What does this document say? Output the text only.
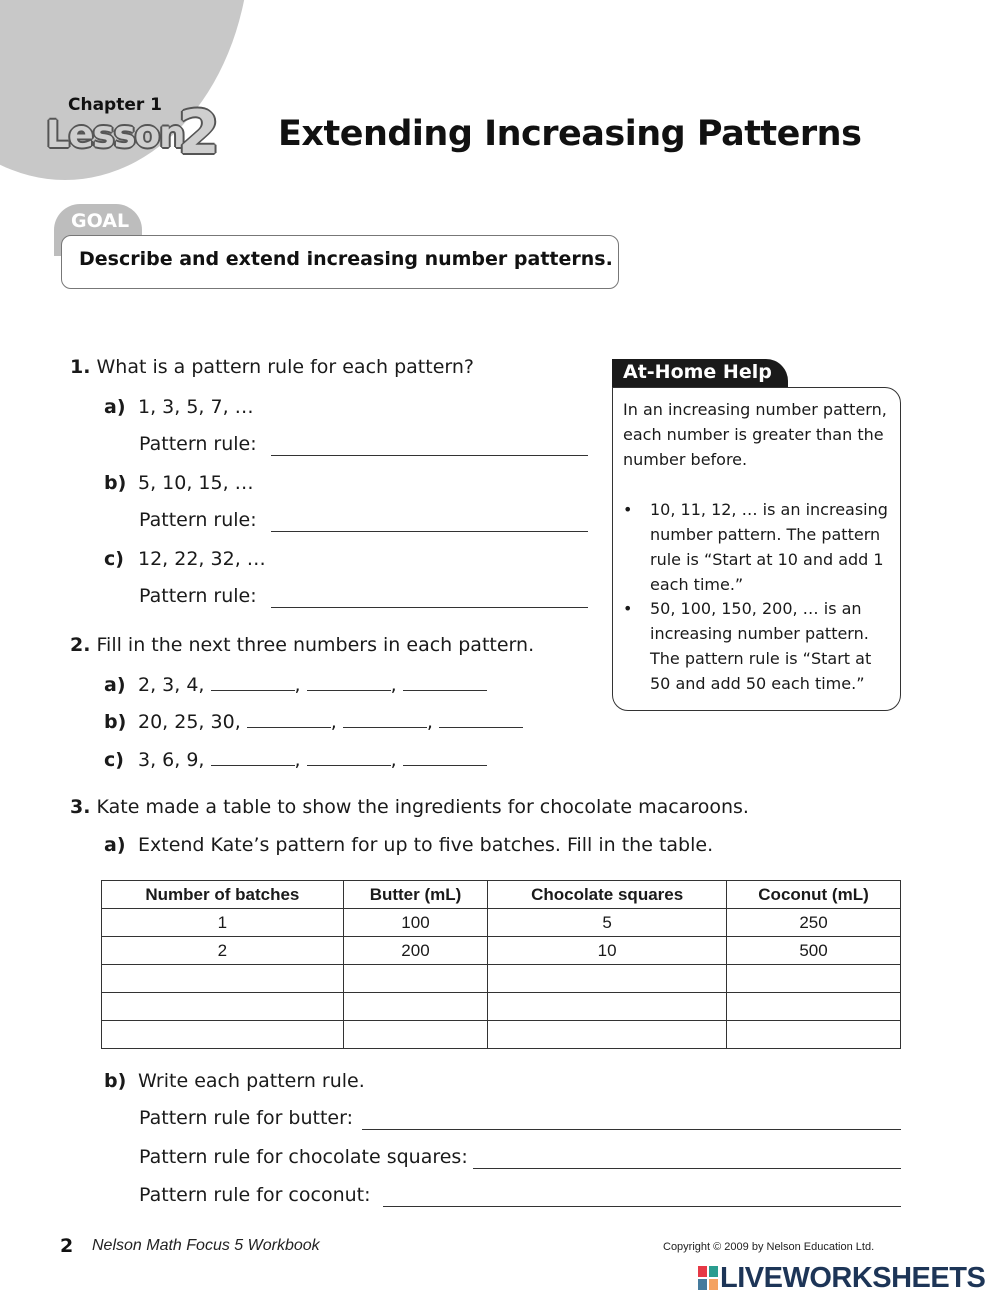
Chapter 1
Lesson
2 Extending Increasing Patterns
GOAL
Describe and extend increasing number patterns.
1. What is a pattern rule for each pattern?
a) 1, 3, 5, 7, …
Pattern rule:
b) 5, 10, 15, …
Pattern rule:
c) 12, 22, 32, …
Pattern rule:
2. Fill in the next three numbers in each pattern.
a) 2, 3, 4,	,	,
b) 20, 25, 30,	,	,
c) 3, 6, 9,	,	,
At-Home Help
In an increasing number pattern, each number is greater than the number before.
• 10, 11, 12, … is an increasing number pattern. The pattern rule is “Start at 10 and add 1 each time.”
• 50, 100, 150, 200, … is an increasing number pattern. The pattern rule is “Start at 50 and add 50 each time.”
3. Kate made a table to show the ingredients for chocolate macaroons.
a) Extend Kate’s pattern for up to five batches. Fill in the table.
Number of batches	Butter (mL)	Chocolate squares	Coconut (mL)
1	100	5	250
2	200	10	500

b) Write each pattern rule.
Pattern rule for butter:
Pattern rule for chocolate squares:
Pattern rule for coconut:
2 Nelson Math Focus 5 Workbook	Copyright © 2009 by Nelson Education Ltd.
LIVEWORKSHEETS
